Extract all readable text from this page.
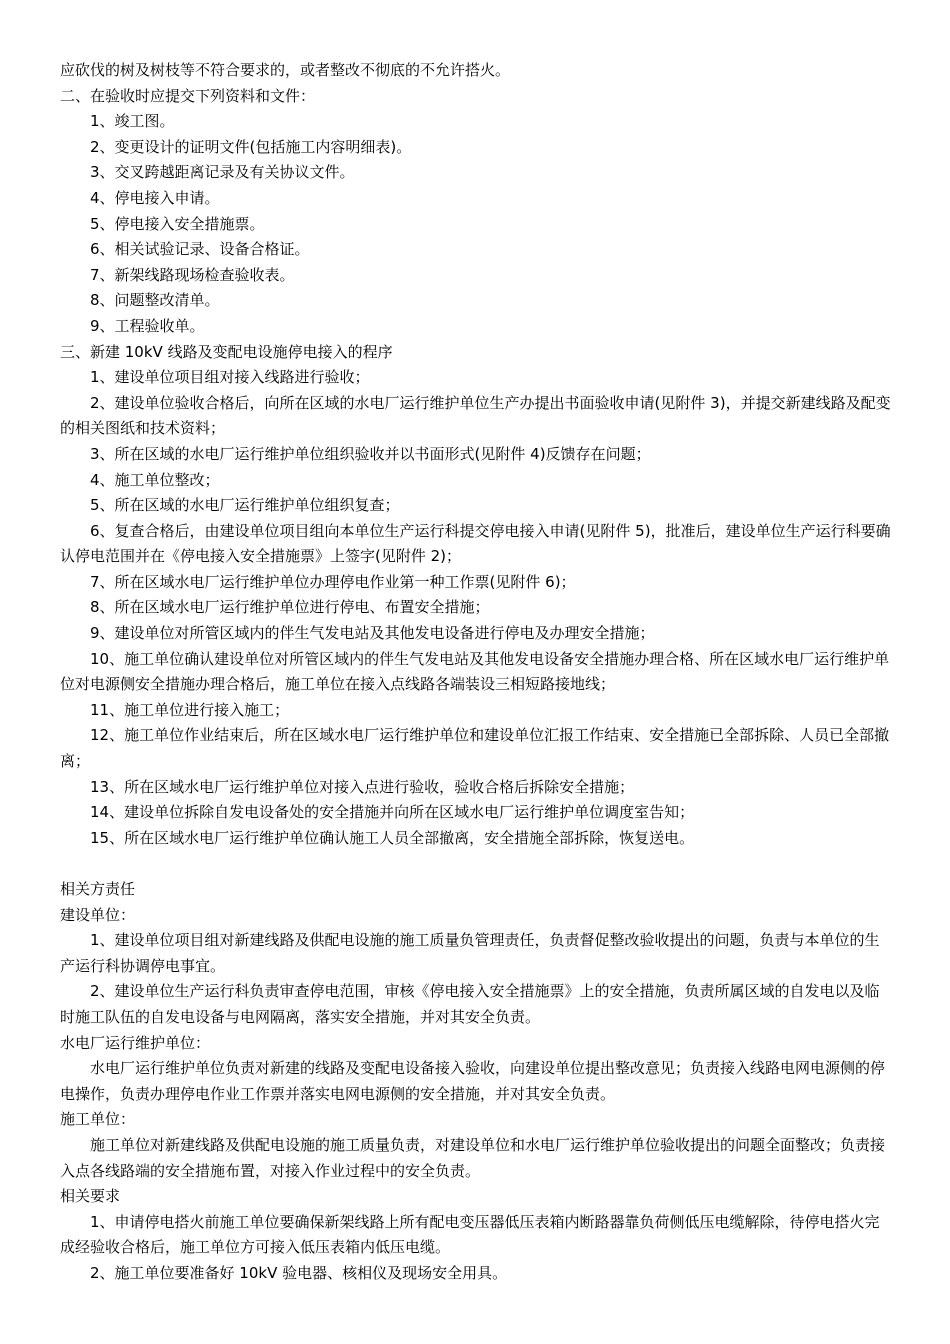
应砍伐的树及树枝等不符合要求的，或者整改不彻底的不允许搭火。

二、在验收时应提交下列资料和文件：

1、竣工图。

2、变更设计的证明文件(包括施工内容明细表)。

3、交叉跨越距离记录及有关协议文件。

4、停电接入申请。

5、停电接入安全措施票。

6、相关试验记录、设备合格证。

7、新架线路现场检查验收表。

8、问题整改清单。

9、工程验收单。

三、新建 10kV 线路及变配电设施停电接入的程序

1、建设单位项目组对接入线路进行验收；

2、建设单位验收合格后，向所在区域的水电厂运行维护单位生产办提出书面验收申请(见附件 3)，并提交新建线路及配变的相关图纸和技术资料；

3、所在区域的水电厂运行维护单位组织验收并以书面形式(见附件 4)反馈存在问题；

4、施工单位整改；

5、所在区域的水电厂运行维护单位组织复查；

6、复查合格后，由建设单位项目组向本单位生产运行科提交停电接入申请(见附件 5)，批准后，建设单位生产运行科要确认停电范围并在《停电接入安全措施票》上签字(见附件 2)；

7、所在区域水电厂运行维护单位办理停电作业第一种工作票(见附件 6)；

8、所在区域水电厂运行维护单位进行停电、布置安全措施；

9、建设单位对所管区域内的伴生气发电站及其他发电设备进行停电及办理安全措施；

10、施工单位确认建设单位对所管区域内的伴生气发电站及其他发电设备安全措施办理合格、所在区域水电厂运行维护单位对电源侧安全措施办理合格后，施工单位在接入点线路各端装设三相短路接地线；

11、施工单位进行接入施工；

12、施工单位作业结束后，所在区域水电厂运行维护单位和建设单位汇报工作结束、安全措施已全部拆除、人员已全部撤离；

13、所在区域水电厂运行维护单位对接入点进行验收，验收合格后拆除安全措施；

14、建设单位拆除自发电设备处的安全措施并向所在区域水电厂运行维护单位调度室告知；

15、所在区域水电厂运行维护单位确认施工人员全部撤离，安全措施全部拆除，恢复送电。

相关方责任

建设单位：

1、建设单位项目组对新建线路及供配电设施的施工质量负管理责任，负责督促整改验收提出的问题，负责与本单位的生产运行科协调停电事宜。

2、建设单位生产运行科负责审查停电范围，审核《停电接入安全措施票》上的安全措施，负责所属区域的自发电以及临时施工队伍的自发电设备与电网隔离，落实安全措施，并对其安全负责。

水电厂运行维护单位：

水电厂运行维护单位负责对新建的线路及变配电设备接入验收，向建设单位提出整改意见；负责接入线路电网电源侧的停电操作，负责办理停电作业工作票并落实电网电源侧的安全措施，并对其安全负责。

施工单位：

施工单位对新建线路及供配电设施的施工质量负责，对建设单位和水电厂运行维护单位验收提出的问题全面整改；负责接入点各线路端的安全措施布置，对接入作业过程中的安全负责。

相关要求

1、申请停电搭火前施工单位要确保新架线路上所有配电变压器低压表箱内断路器靠负荷侧低压电缆解除，待停电搭火完成经验收合格后，施工单位方可接入低压表箱内低压电缆。

2、施工单位要准备好 10kV 验电器、核相仪及现场安全用具。
